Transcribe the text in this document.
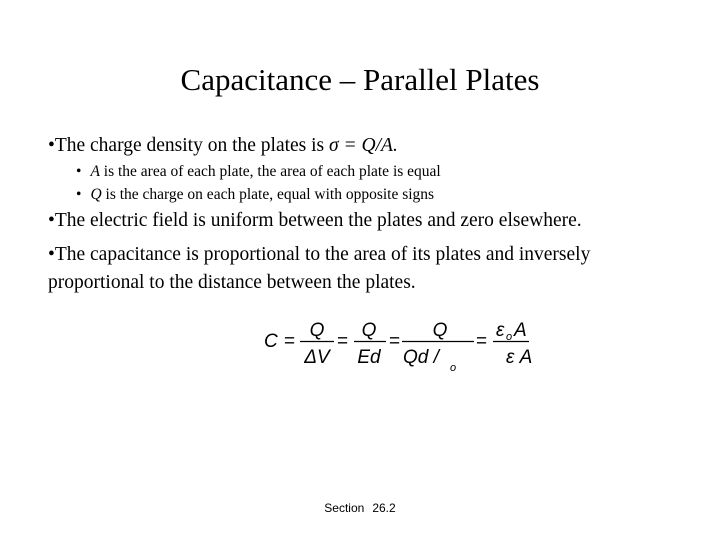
Capacitance – Parallel Plates
•The charge density on the plates is σ = Q/A.
• A is the area of each plate, the area of each plate is equal
• Q is the charge on each plate, equal with opposite signs
•The electric field is uniform between the plates and zero elsewhere.
•The capacitance is proportional to the area of its plates and inversely
proportional to the distance between the plates.
C =
Q
ΔV
=
Q
Ed
=
Q
Qd / o
=
ε o A
ε A
Section 26.2
